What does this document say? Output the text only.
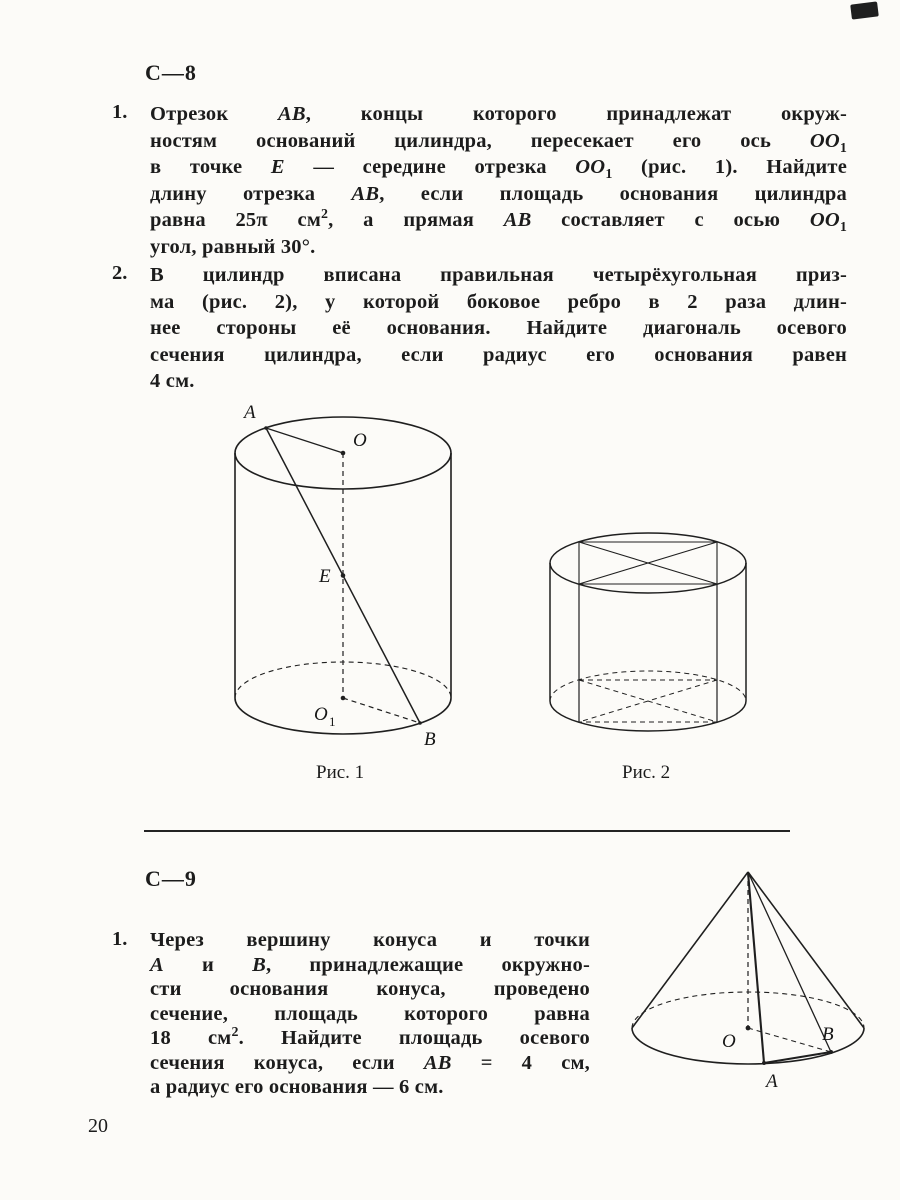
С—8
1. Отрезок AB, концы которого принадлежат окруж-
ностям оснований цилиндра, пересекает его ось $OO_1$
в точке E — середине отрезка $OO_1$ (рис. 1). Найдите
длину отрезка AB, если площадь основания цилиндра
равна 25π $см^2$, а прямая AB составляет с осью $OO_1$
угол, равный 30°.
2. В цилиндр вписана правильная четырёхугольная приз-
ма (рис. 2), у которой боковое ребро в 2 раза длин-
нее стороны её основания. Найдите диагональ осевого
сечения цилиндра, если радиус его основания равен
4 см.
A
O
E
O 1
B
Рис. 1	Рис. 2
С—9
1. Через вершину конуса и точки
A и B, принадлежащие окружно-
сти основания конуса, проведено
сечение, площадь которого равна
18 $см^2$. Найдите площадь осевого
сечения конуса, если AB = 4 см,
а радиус его основания — 6 см.
O
A
B
20
